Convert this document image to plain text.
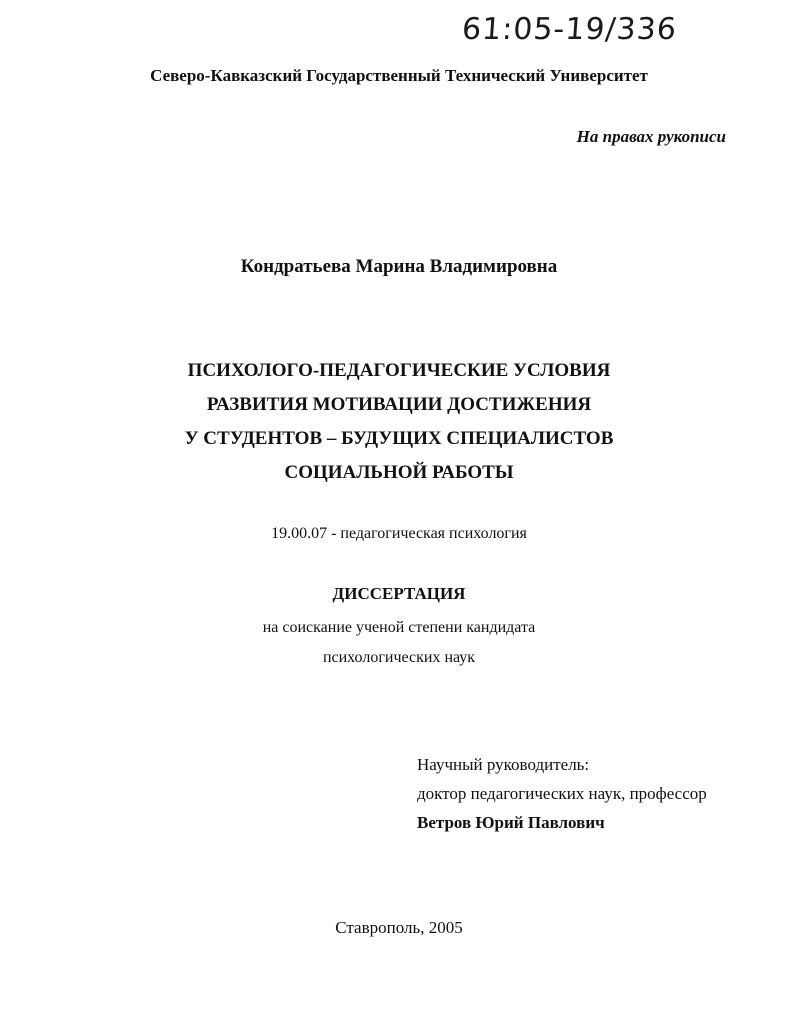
61:05-19/336
Северо-Кавказский Государственный Технический Университет
На правах рукописи
Кондратьева Марина Владимировна
ПСИХОЛОГО-ПЕДАГОГИЧЕСКИЕ УСЛОВИЯ
РАЗВИТИЯ МОТИВАЦИИ ДОСТИЖЕНИЯ
У СТУДЕНТОВ – БУДУЩИХ СПЕЦИАЛИСТОВ
СОЦИАЛЬНОЙ РАБОТЫ
19.00.07 - педагогическая психология
ДИССЕРТАЦИЯ
на соискание ученой степени кандидата
психологических наук
Научный руководитель:
доктор педагогических наук, профессор
Ветров Юрий Павлович
Ставрополь, 2005
